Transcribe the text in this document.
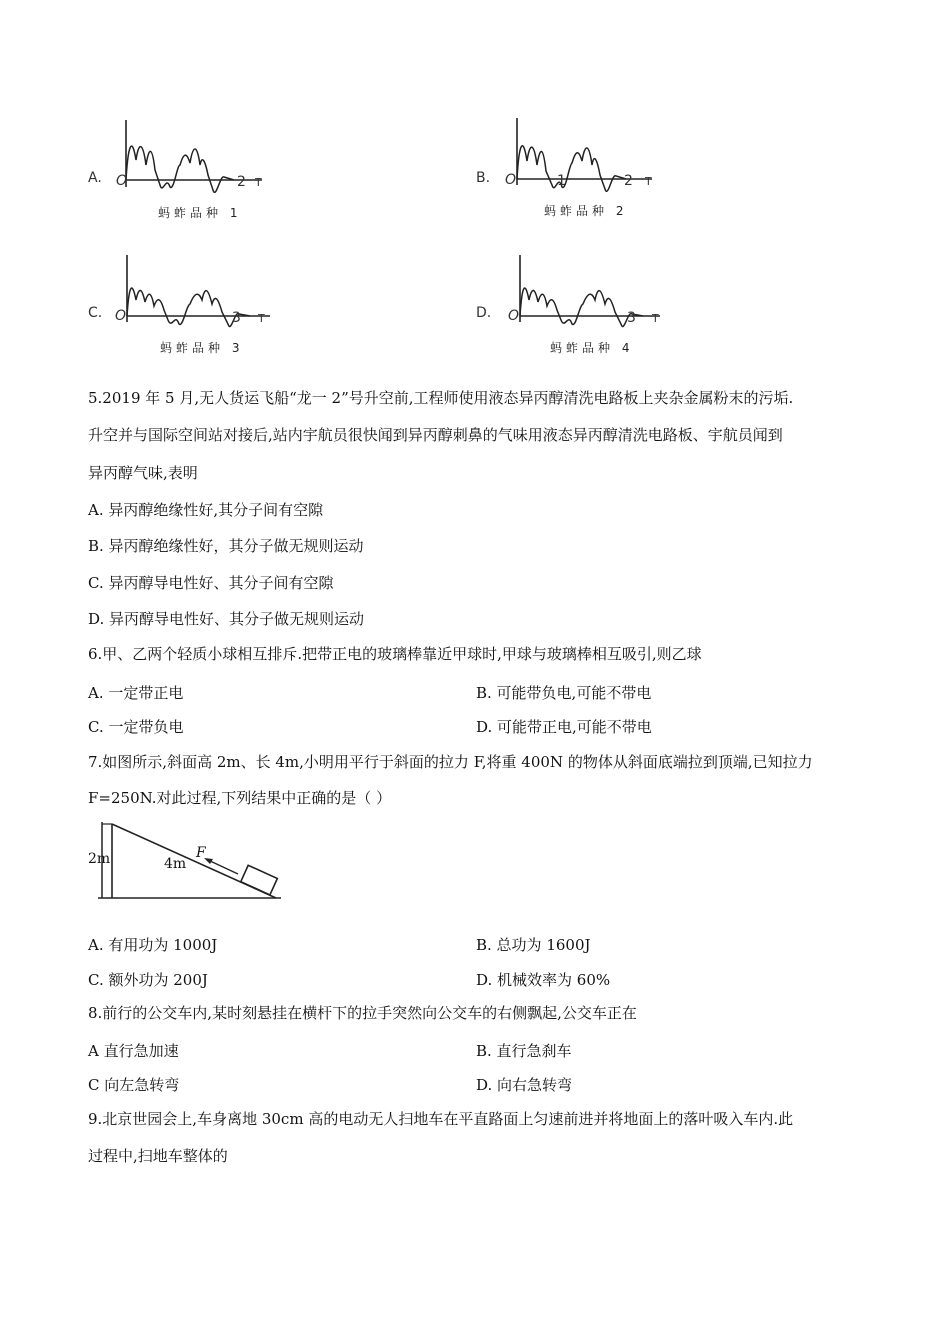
A. O	2 T
蚂蚱品种 1
B. O	1	2 T
蚂蚱品种 2
C. O	3 T
蚂蚱品种 3
D. O	3 T
蚂蚱品种 4
5.2019 年 5 月,无人货运飞船“龙一 2”号升空前,工程师使用液态异丙醇清洗电路板上夹杂金属粉末的污垢.
升空并与国际空间站对接后,站内宇航员很快闻到异丙醇刺鼻的气味用液态异丙醇清洗电路板、宇航员闻到
异丙醇气味,表明
A. 异丙醇绝缘性好,其分子间有空隙
B. 异丙醇绝缘性好，其分子做无规则运动
C. 异丙醇导电性好、其分子间有空隙
D. 异丙醇导电性好、其分子做无规则运动
6.甲、乙两个轻质小球相互排斥.把带正电的玻璃棒靠近甲球时,甲球与玻璃棒相互吸引,则乙球
A. 一定带正电	B. 可能带负电,可能不带电
C. 一定带负电	D. 可能带正电,可能不带电
7.如图所示,斜面高 2m、长 4m,小明用平行于斜面的拉力 F,将重 400N 的物体从斜面底端拉到顶端,已知拉力
F=250N.对此过程,下列结果中正确的是（ ）
2m	4m
F
A. 有用功为 1000J	B. 总功为 1600J
C. 额外功为 200J	D. 机械效率为 60%
8.前行的公交车内,某时刻悬挂在横杆下的拉手突然向公交车的右侧飘起,公交车正在
A 直行急加速	B. 直行急刹车
C 向左急转弯	D. 向右急转弯
9.北京世园会上,车身离地 30cm 高的电动无人扫地车在平直路面上匀速前进并将地面上的落叶吸入车内.此
过程中,扫地车整体的
